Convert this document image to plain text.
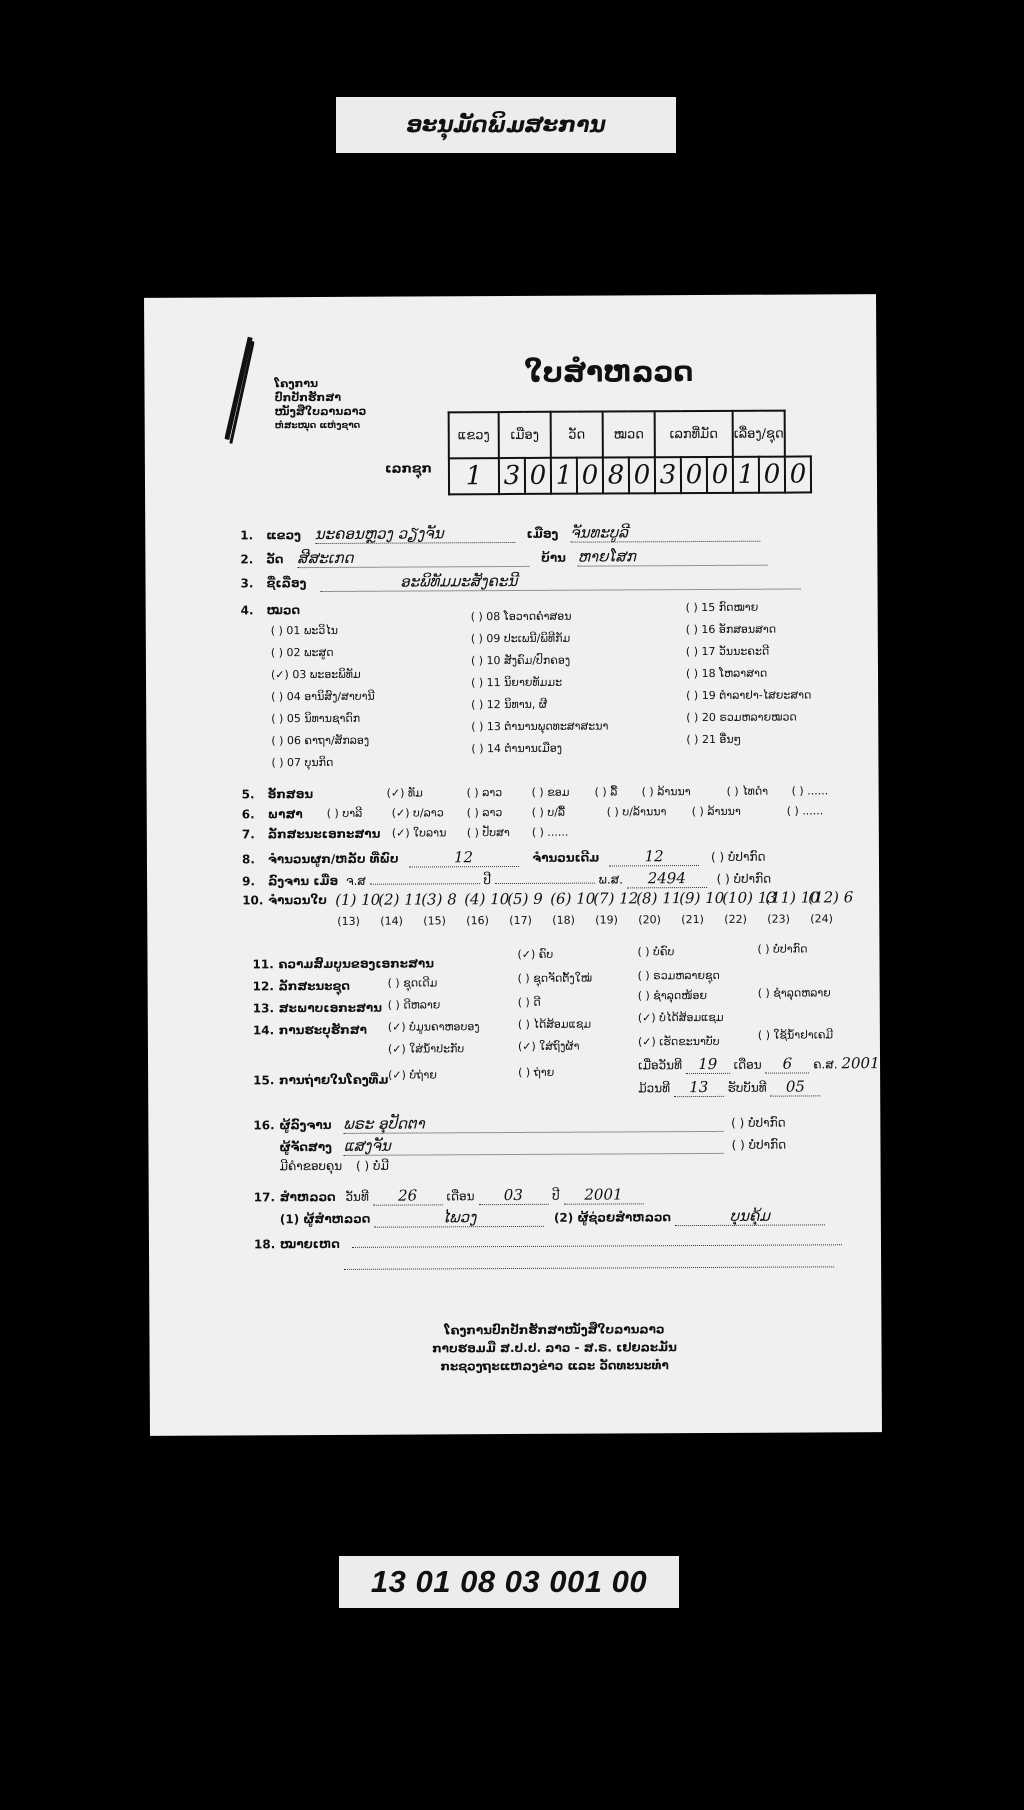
ອະນຸມັດພິມສະການ
ໂຄງການ
ປົກປັກຮັກສາ
ໜັງສືໃບລານລາວ
ຫໍສະໝຸດ ແຫ່ງຊາດ
ໃບສໍາຫລວດ
ເລກຊຸກ
ແຂວງ	ເມືອງ		ວັດ		ໝວດ		ເລກທີ່ມັດ			ເລື່ອງ/ຊຸດ		
1	3	0	1	0	8	0	3	0	0	1	0	0
1. ແຂວງ ນະຄອນຫຼວງ ວຽງຈັນ	ເມືອງ ຈັນທະບູລີ
2. ວັດ ສີສະເກດ	ບ້ານ ຫາຍໂສກ
3. ຊື່ເລື່ອງ	ອະພິທັມມະສັງຄະນີ
4. ໝວດ
( ) 01 ພະວິໄນ
( ) 02 ພະສູດ
(✓) 03 ພະອະພິທັມ
( ) 04 ອານິສົງ/ສາບານີ
( ) 05 ນິທານຊາດົກ
( ) 06 ຄາຖາ/ສັກລອງ
( ) 07 ບຸນກິດ
( ) 08 ໂອວາດຄໍາສອນ
( ) 09 ປະເພນີ/ພິທີກັມ
( ) 10 ສັງຄົມ/ປົກຄອງ
( ) 11 ນິຍາຍທັມມະ
( ) 12 ນິທານ, ຜີ
( ) 13 ຕໍານານພຸດທະສາສະນາ
( ) 14 ຕໍານານເມືອງ
( ) 15 ກົດໝາຍ
( ) 16 ອັກສອນສາດ
( ) 17 ວັນນະຄະດີ
( ) 18 ໂຫລາສາດ
( ) 19 ຕໍາລາຢາ-ໄສຍະສາດ
( ) 20 ຣວມຫລາຍໝວດ
( ) 21 ອື່ນໆ
5. ອັກສອນ	(✓) ທັມ	( ) ລາວ	( ) ຂອມ ( ) ລື້ ( ) ລ້ານນາ	( ) ໄທດໍາ ( ) ......
6. ພາສາ ( ) ບາລີ	(✓) ບ/ລາວ ( ) ລາວ	( ) ບ/ລື້	( ) ບ/ລ້ານນາ ( ) ລ້ານນາ	( ) ......
7. ລັກສະນະເອກະສານ (✓) ໃບລານ ( ) ປັບສາ ( ) ......
8. ຈໍານວນຜູກ/ຫລັບ ທີ່ພົບ	12	ຈໍານວນເດີມ	12	( ) ບໍ່ປາກົດ
9. ລົງຈານ ເມື່ອ ຈ.ສ	ປີ	ພ.ສ. 2494	( ) ບໍ່ປາກົດ
10. ຈໍານວນໃບ (1) 10(2) 11(3) 8 (4) 10(5) 9 (6) 10(7) 12(8) 11(9) 10(10) 13(11) 10(12) 6
(13) (14) (15) (16) (17) (18) (19) (20) (21) (22) (23) (24)
11. ຄວາມສົມບູນຂອງເອກະສານ
(✓) ຄົບ	( ) ບໍ່ຄົບ	( ) ບໍ່ປາກົດ
12. ລັກສະນະຊຸດ	( ) ຊຸດເດີມ	( ) ຊຸດຈັດຕັ້ງໃໝ່	( ) ຣວມຫລາຍຊຸດ
( ) ຊໍາລຸດໜ້ອຍ	( ) ຊໍາລຸດຫລາຍ
13. ສະພາບເອກະສານ ( ) ດີຫລາຍ	( ) ດີ
14. ການຮະບຸຮັກສາ (✓) ບໍ່ມູນຄາຫອບອງ	( ) ໄດ້ສ້ອມແຊມ	(✓) ບໍ່ໄດ້ສ້ອມແຊມ
( ) ໃຊ້ນໍ້າຢາເຄມີ
(✓) ໃສ່ນໍ້າປະກັບ	(✓) ໃສ່ຖົງຜ້າ	(✓) ເຮັດຂະນາບັບ
ເມື່ອວັນທີ 19 ເດືອນ 6 ຄ.ສ. 2001
ມ້ວນທີ 13 ຮັບບັນທີ 05
15. ການຖ່າຍໃນໂຄງທີ່ມ (✓) ບໍ່ຖ່າຍ	( ) ຖ່າຍ
16. ຜູ້ລົງຈານ ພຣະ ອຸປັດຕາ	( ) ບໍ່ປາກົດ
ຜູ້ຈັດສາງ ແສງຈັນ	( ) ບໍ່ປາກົດ
ມີຄໍາຂອບຄຸນ ( ) ບໍ່ມີ
17. ສໍາຫລວດ ວັນທີ 26 ເດືອນ 03 ປີ 2001
(1) ຜູ້ສໍາຫລວດ	ໄພວງ	(2) ຜູ້ຊ່ວຍສໍາຫລວດ	ບຸນຄຸ້ມ
18. ໝາຍເຫດ
ໂຄງການປົກປັກຮັກສາໜັງສືໃບລານລາວ
ກາບຮອມມື ສ.ປ.ປ. ລາວ - ສ.ຣ. ເຢຍລະມັນ
ກະຊວງຖະແຫລງຂ່າວ ແລະ ວັດທະນະທໍາ
13 01 08 03 001 00
